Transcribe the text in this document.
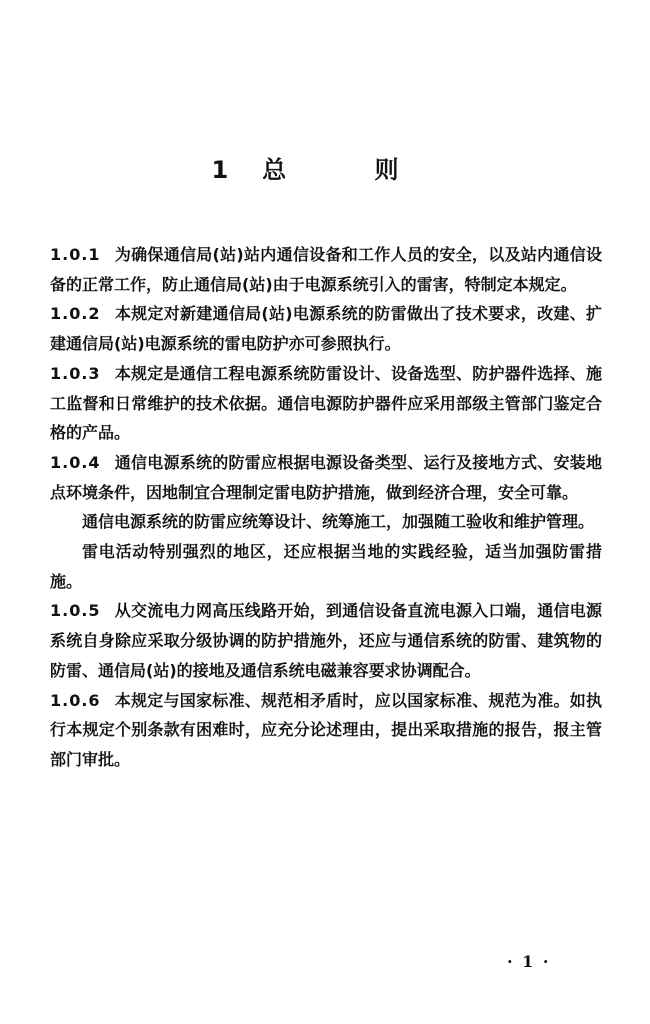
1 总 则

1.0.1 为确保通信局(站)站内通信设备和工作人员的安全，以及站内通信设备的正常工作，防止通信局(站)由于电源系统引入的雷害，特制定本规定。

1.0.2 本规定对新建通信局(站)电源系统的防雷做出了技术要求，改建、扩建通信局(站)电源系统的雷电防护亦可参照执行。

1.0.3 本规定是通信工程电源系统防雷设计、设备选型、防护器件选择、施工监督和日常维护的技术依据。通信电源防护器件应采用部级主管部门鉴定合格的产品。

1.0.4 通信电源系统的防雷应根据电源设备类型、运行及接地方式、安装地点环境条件，因地制宜合理制定雷电防护措施，做到经济合理，安全可靠。

通信电源系统的防雷应统筹设计、统筹施工，加强随工验收和维护管理。

雷电活动特别强烈的地区，还应根据当地的实践经验，适当加强防雷措施。

1.0.5 从交流电力网高压线路开始，到通信设备直流电源入口端，通信电源系统自身除应采取分级协调的防护措施外，还应与通信系统的防雷、建筑物的防雷、通信局(站)的接地及通信系统电磁兼容要求协调配合。

1.0.6 本规定与国家标准、规范相矛盾时，应以国家标准、规范为准。如执行本规定个别条款有困难时，应充分论述理由，提出采取措施的报告，报主管部门审批。

· 1 ·
